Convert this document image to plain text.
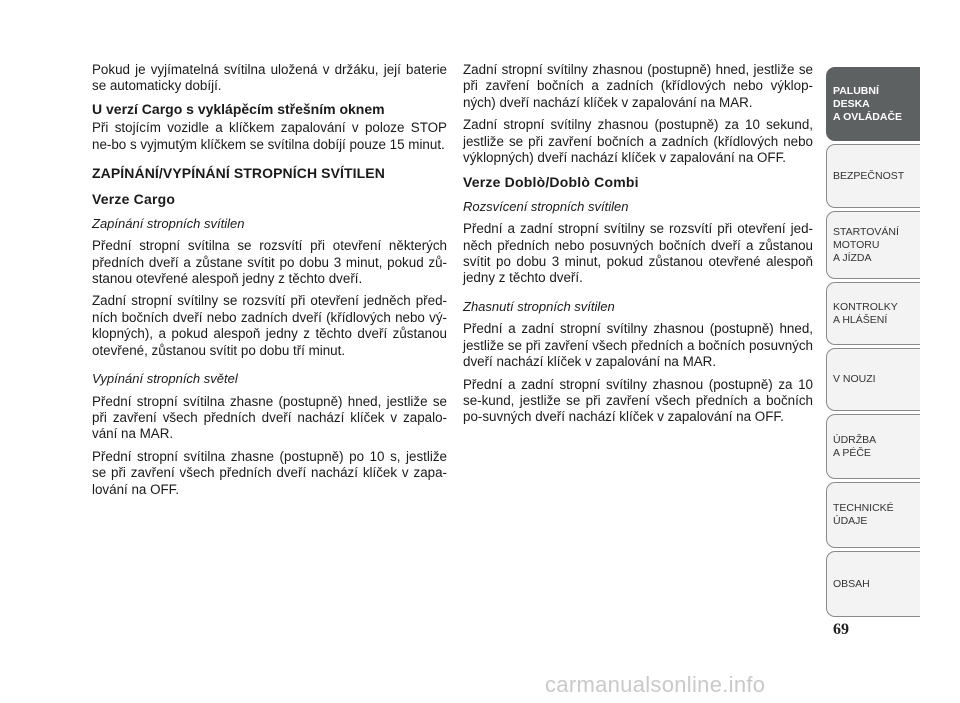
Pokud je vyjímatelná svítilna uložená v držáku, její baterie se automaticky dobíjí.

U verzí Cargo s vyklápěcím střešním oknem

Při stojícím vozidle a klíčkem zapalování v poloze STOP ne-bo s vyjmutým klíčkem se svítilna dobíjí pouze 15 minut.

ZAPÍNÁNÍ/VYPÍNÁNÍ STROPNÍCH SVÍTILEN
Verze Cargo
Zapínání stropních svítilen

Přední stropní svítilna se rozsvítí při otevření některých předních dveří a zůstane svítit po dobu 3 minut, pokud zů-stanou otevřené alespoň jedny z těchto dveří.

Zadní stropní svítilny se rozsvítí při otevření jedněch před-ních bočních dveří nebo zadních dveří (křídlových nebo vý-klopných), a pokud alespoň jedny z těchto dveří zůstanou otevřené, zůstanou svítit po dobu tří minut.

Vypínání stropních světel

Přední stropní svítilna zhasne (postupně) hned, jestliže se při zavření všech předních dveří nachází klíček v zapalo-vání na MAR.

Přední stropní svítilna zhasne (postupně) po 10 s, jestliže se při zavření všech předních dveří nachází klíček v zapa-lování na OFF.

Zadní stropní svítilny zhasnou (postupně) hned, jestliže se při zavření bočních a zadních (křídlových nebo výklop-ných) dveří nachází klíček v zapalování na MAR.

Zadní stropní svítilny zhasnou (postupně) za 10 sekund, jestliže se při zavření bočních a zadních (křídlových nebo výklopných) dveří nachází klíček v zapalování na OFF.

Verze Doblò/Doblò Combi
Rozsvícení stropních svítilen

Přední a zadní stropní svítilny se rozsvítí při otevření jed-něch předních nebo posuvných bočních dveří a zůstanou svítit po dobu 3 minut, pokud zůstanou otevřené alespoň jedny z těchto dveří.

Zhasnutí stropních svítilen

Přední a zadní stropní svítilny zhasnou (postupně) hned, jestliže se při zavření všech předních a bočních posuvných dveří nachází klíček v zapalování na MAR.

Přední a zadní stropní svítilny zhasnou (postupně) za 10 se-kund, jestliže se při zavření všech předních a bočních po-suvných dveří nachází klíček v zapalování na OFF.

PALUBNÍ DESKA
A OVLÁDAČE
BEZPEČNOST
STARTOVÁNÍ
MOTORU
A JÍZDA
KONTROLKY
A HLÁŠENÍ
V NOUZI
ÚDRŽBA
A PÉČE
TECHNICKÉ
ÚDAJE
OBSAH
69
carmanualsonline.info
